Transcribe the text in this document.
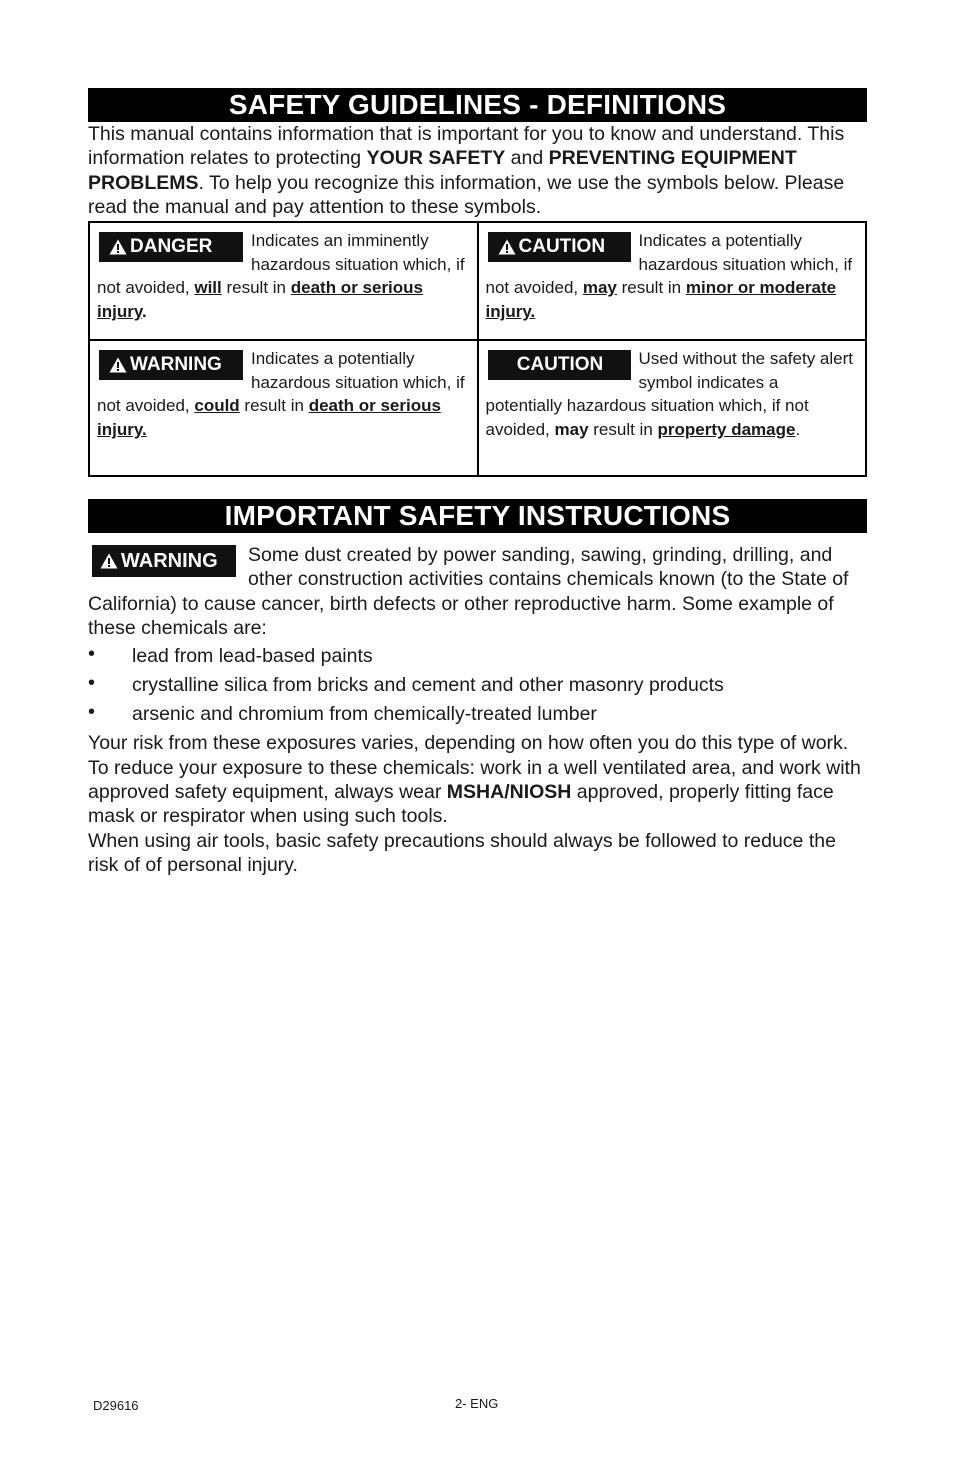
SAFETY GUIDELINES - DEFINITIONS

This manual contains information that is important for you to know and understand. This information relates to protecting YOUR SAFETY and PREVENTING EQUIPMENT PROBLEMS. To help you recognize this information, we use the symbols below. Please read the manual and pay attention to these symbols.

DANGER Indicates an imminently hazardous situation which, if not avoided, will result in death or serious injury.	CAUTION Indicates a potentially hazardous situation which, if not avoided, may result in minor or moderate injury.

WARNING Indicates a potentially hazardous situation which, if not avoided, could result in death or serious injury.	CAUTION Used without the safety alert symbol indicates a potentially hazardous situation which, if not avoided, may result in property damage.
IMPORTANT SAFETY INSTRUCTIONS
WARNING	Some dust created by power sanding, sawing, grinding, drilling, and other construction activities contains chemicals known (to the State of California) to cause cancer, birth defects or other reproductive harm. Some example of these chemicals are:

• lead from lead-based paints
• crystalline silica from bricks and cement and other masonry products
• arsenic and chromium from chemically-treated lumber

Your risk from these exposures varies, depending on how often you do this type of work. To reduce your exposure to these chemicals: work in a well ventilated area, and work with approved safety equipment, always wear MSHA/NIOSH approved, properly fitting face mask or respirator when using such tools.

When using air tools, basic safety precautions should always be followed to reduce the risk of of personal injury.

D29616	2- ENG
